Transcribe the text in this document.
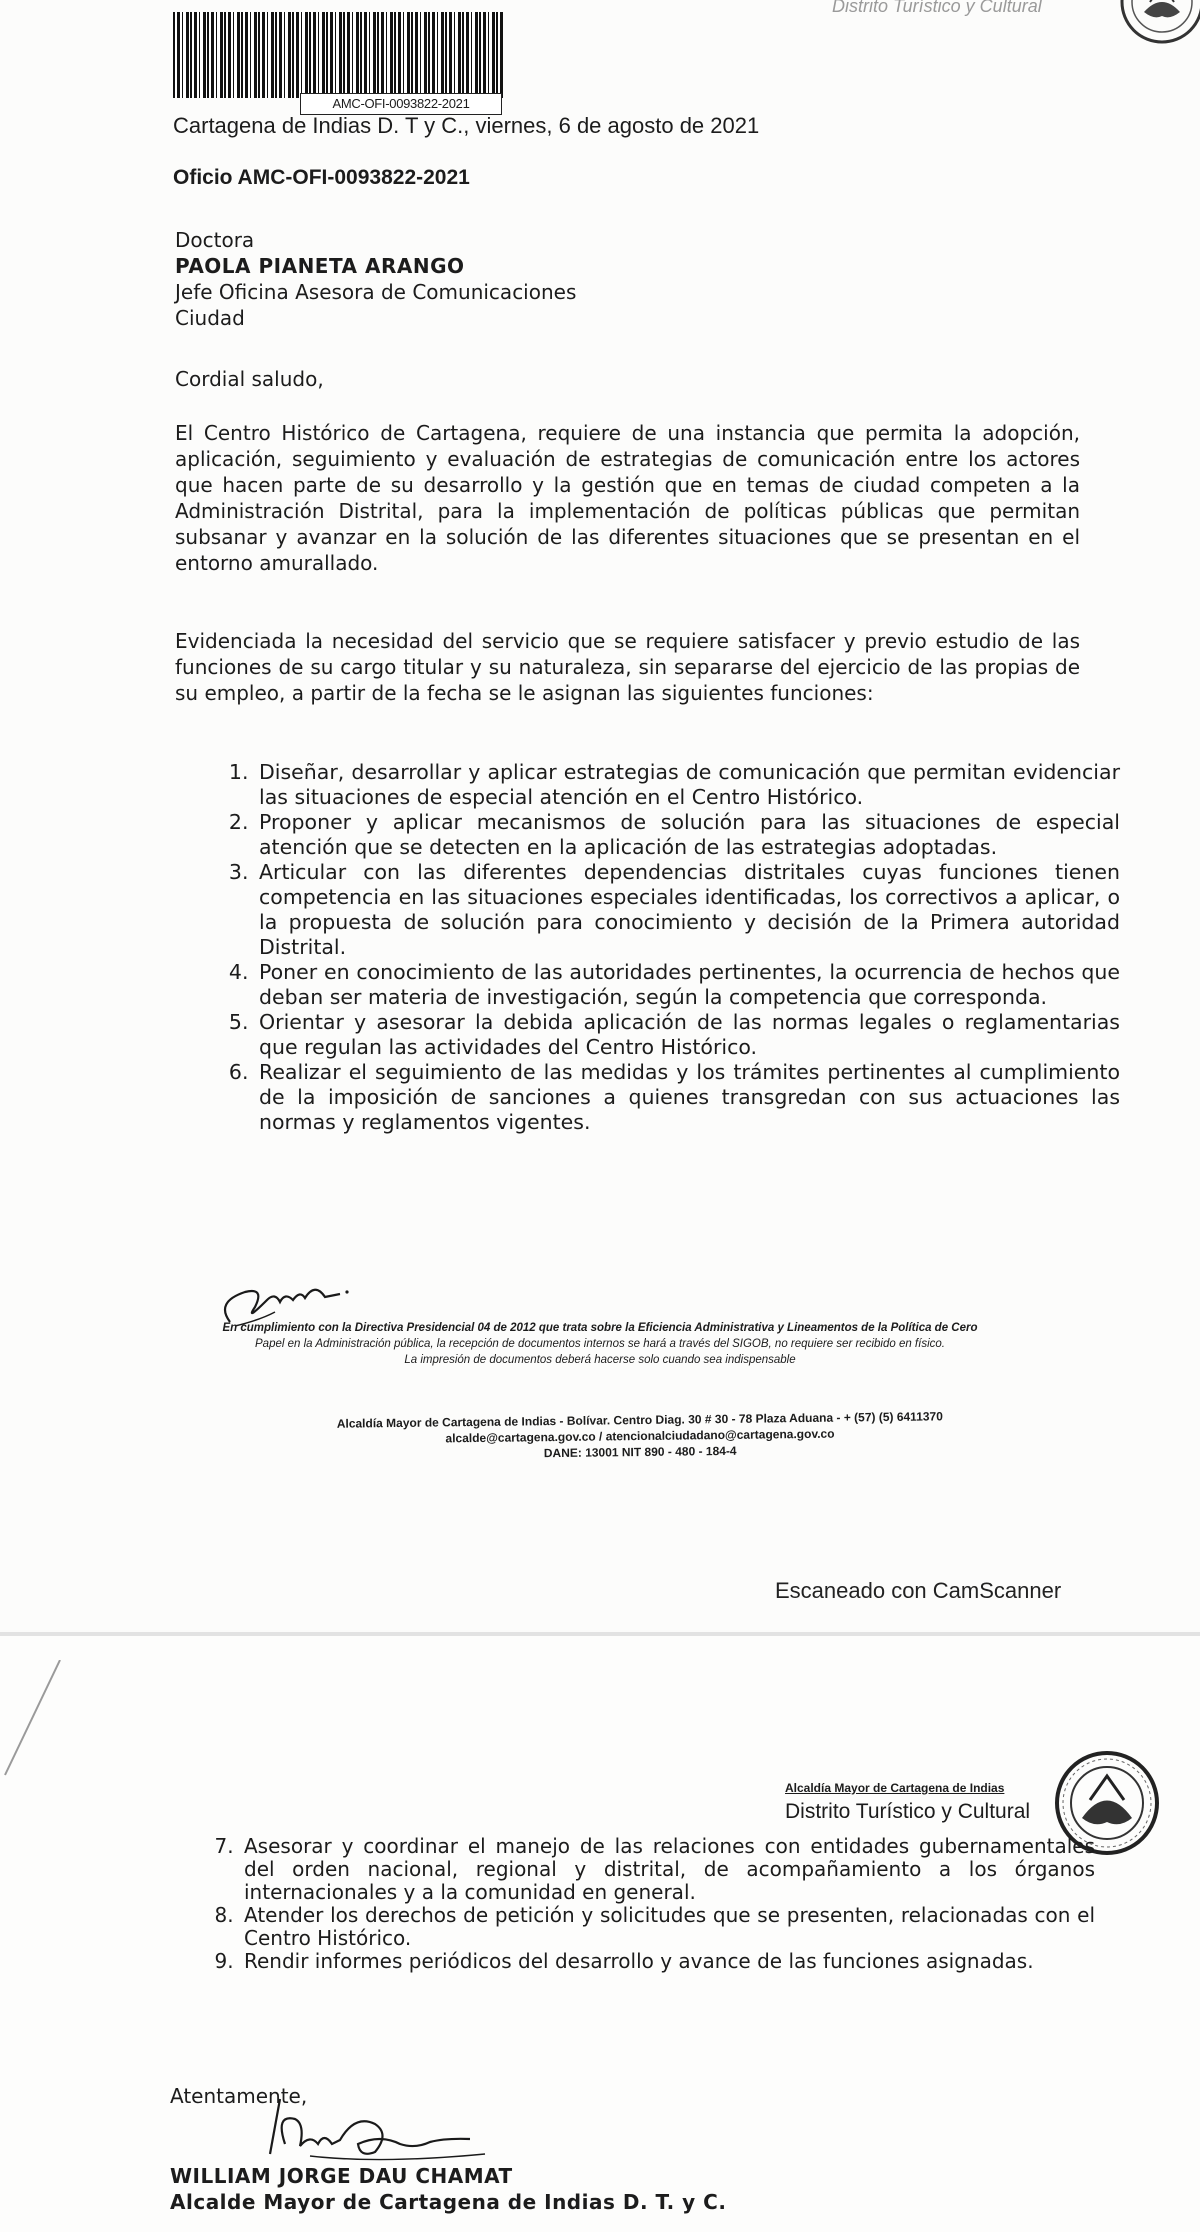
AMC-OFI-0093822-2021
Distrito Turístico y Cultural
Cartagena de Indias D. T y C., viernes, 6 de agosto de 2021
Oficio AMC-OFI-0093822-2021
Doctora
PAOLA PIANETA ARANGO
Jefe Oficina Asesora de Comunicaciones
Ciudad
Cordial saludo,
El Centro Histórico de Cartagena, requiere de una instancia que permita la adopción, aplicación, seguimiento y evaluación de estrategias de comunicación entre los actores que hacen parte de su desarrollo y la gestión que en temas de ciudad competen a la Administración Distrital, para la implementación de políticas públicas que permitan subsanar y avanzar en la solución de las diferentes situaciones que se presentan en el entorno amurallado.
Evidenciada la necesidad del servicio que se requiere satisfacer y previo estudio de las funciones de su cargo titular y su naturaleza, sin separarse del ejercicio de las propias de su empleo, a partir de la fecha se le asignan las siguientes funciones:
1. Diseñar, desarrollar y aplicar estrategias de comunicación que permitan evidenciar las situaciones de especial atención en el Centro Histórico.
2. Proponer y aplicar mecanismos de solución para las situaciones de especial atención que se detecten en la aplicación de las estrategias adoptadas.
3. Articular con las diferentes dependencias distritales cuyas funciones tienen competencia en las situaciones especiales identificadas, los correctivos a aplicar, o la propuesta de solución para conocimiento y decisión de la Primera autoridad Distrital.
4. Poner en conocimiento de las autoridades pertinentes, la ocurrencia de hechos que deban ser materia de investigación, según la competencia que corresponda.
5. Orientar y asesorar la debida aplicación de las normas legales o reglamentarias que regulan las actividades del Centro Histórico.
6. Realizar el seguimiento de las medidas y los trámites pertinentes al cumplimiento de la imposición de sanciones a quienes transgredan con sus actuaciones las normas y reglamentos vigentes.
En cumplimiento con la Directiva Presidencial 04 de 2012 que trata sobre la Eficiencia Administrativa y Lineamentos de la Política de Cero
Papel en la Administración pública, la recepción de documentos internos se hará a través del SIGOB, no requiere ser recibido en físico.
La impresión de documentos deberá hacerse solo cuando sea indispensable
Alcaldía Mayor de Cartagena de Indias - Bolívar. Centro Diag. 30 # 30 - 78 Plaza Aduana - + (57) (5) 6411370
alcalde@cartagena.gov.co / atencionalciudadano@cartagena.gov.co
DANE: 13001 NIT 890 - 480 - 184-4
Escaneado con CamScanner
Alcaldía Mayor de Cartagena de Indias
Distrito Turístico y Cultural
7. Asesorar y coordinar el manejo de las relaciones con entidades gubernamentales del orden nacional, regional y distrital, de acompañamiento a los órganos internacionales y a la comunidad en general.
8. Atender los derechos de petición y solicitudes que se presenten, relacionadas con el Centro Histórico.
9. Rendir informes periódicos del desarrollo y avance de las funciones asignadas.
Atentamente,
WILLIAM JORGE DAU CHAMAT
Alcalde Mayor de Cartagena de Indias D. T. y C.
